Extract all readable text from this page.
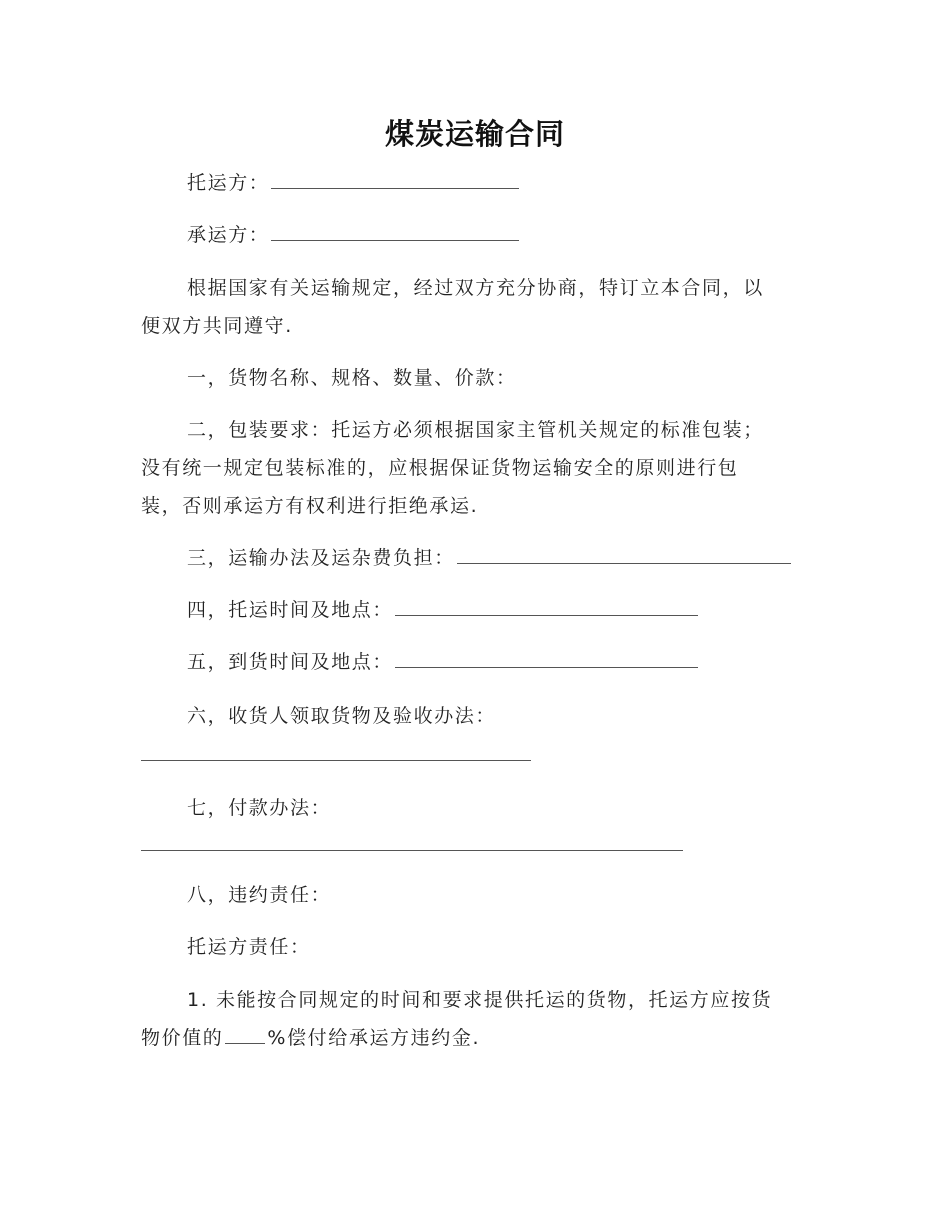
煤炭运输合同
托运方：
承运方：
根据国家有关运输规定，经过双方充分协商，特订立本合同，以
便双方共同遵守.
一，货物名称、规格、数量、价款：
二，包装要求：托运方必须根据国家主管机关规定的标准包装；
没有统一规定包装标准的，应根据保证货物运输安全的原则进行包
装，否则承运方有权利进行拒绝承运.
三，运输办法及运杂费负担：
四，托运时间及地点：
五，到货时间及地点：
六，收货人领取货物及验收办法：
七，付款办法：
八，违约责任：
托运方责任：
1. 未能按合同规定的时间和要求提供托运的货物，托运方应按货
物价值的 %偿付给承运方违约金.
